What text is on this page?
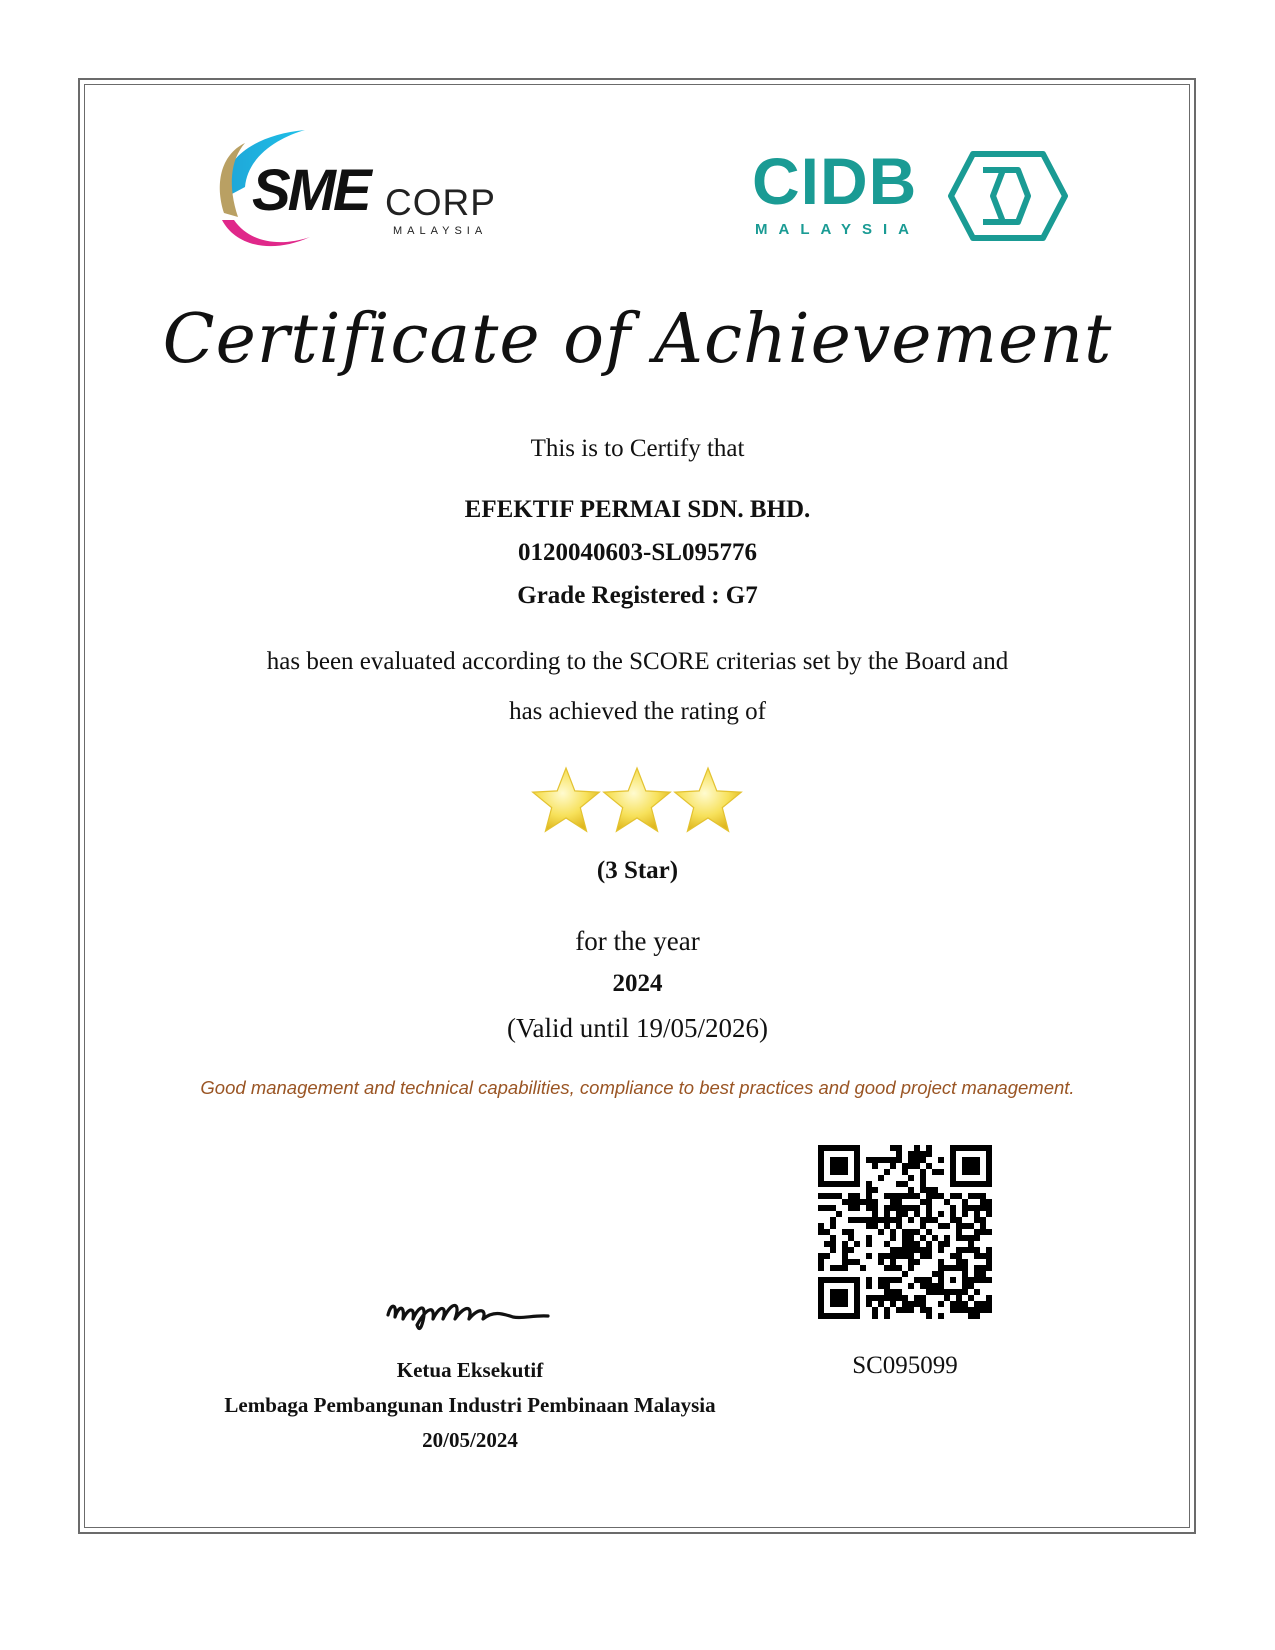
SME CORP
MALAYSIA
CIDB
MALAYSIA
Certificate of Achievement
This is to Certify that
EFEKTIF PERMAI SDN. BHD.
0120040603-SL095776
Grade Registered : G7
has been evaluated according to the SCORE criterias set by the Board and
has achieved the rating of
(3 Star)
for the year
2024
(Valid until 19/05/2026)
Good management and technical capabilities, compliance to best practices and good project management.
Ketua Eksekutif
Lembaga Pembangunan Industri Pembinaan Malaysia
20/05/2024
SC095099
